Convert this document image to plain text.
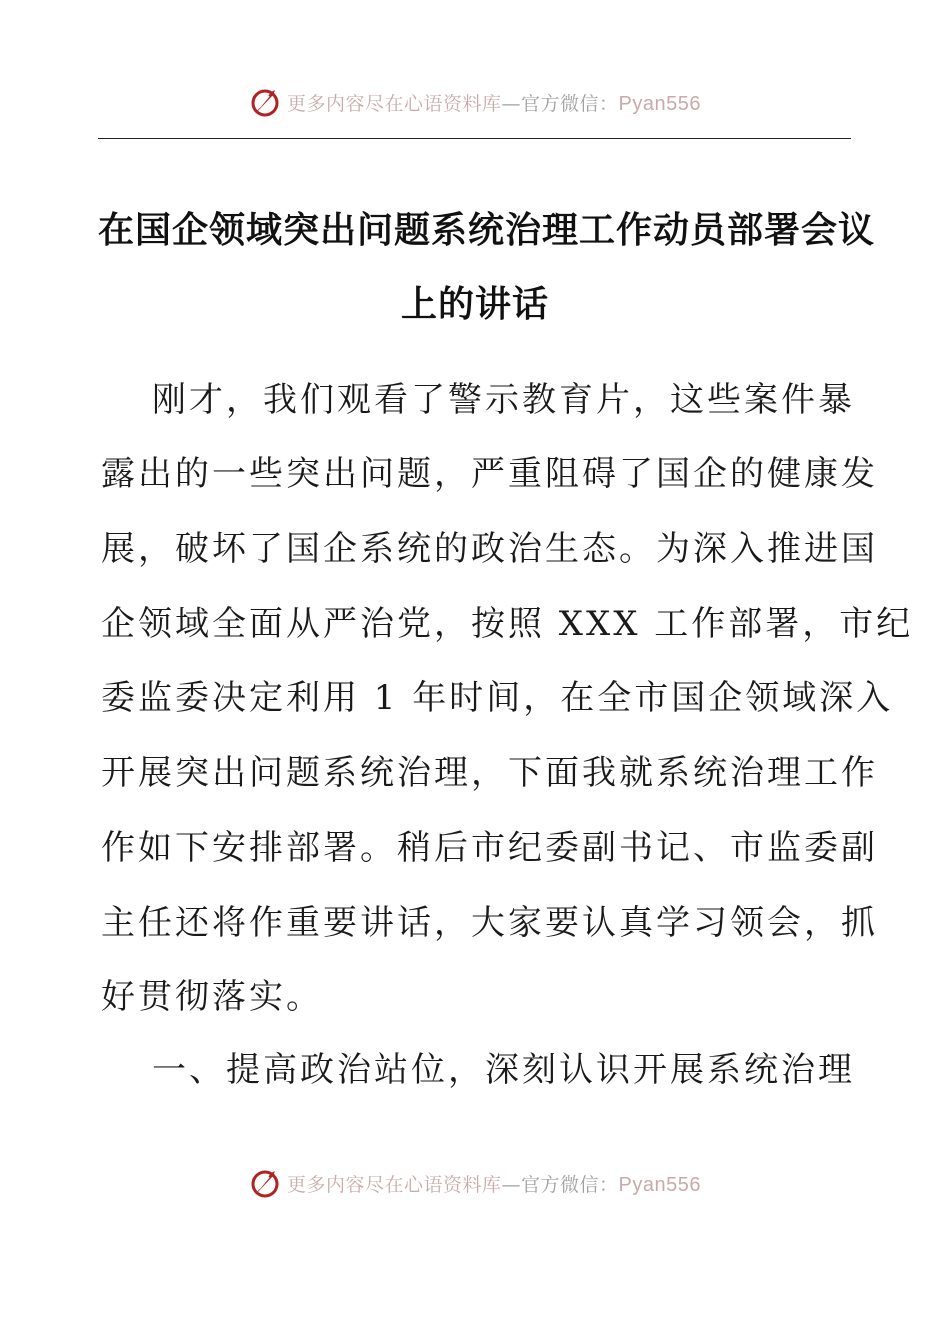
更多内容尽在心语资料库—官方微信：Pyan556
在国企领域突出问题系统治理工作动员部署会议
上的讲话
刚才，我们观看了警示教育片，这些案件暴
露出的一些突出问题，严重阻碍了国企的健康发
展，破坏了国企系统的政治生态。为深入推进国
企领域全面从严治党，按照 XXX 工作部署，市纪
委监委决定利用 1 年时间，在全市国企领域深入
开展突出问题系统治理，下面我就系统治理工作
作如下安排部署。稍后市纪委副书记、市监委副
主任还将作重要讲话，大家要认真学习领会，抓
好贯彻落实。
一、提高政治站位，深刻认识开展系统治理
更多内容尽在心语资料库—官方微信：Pyan556
